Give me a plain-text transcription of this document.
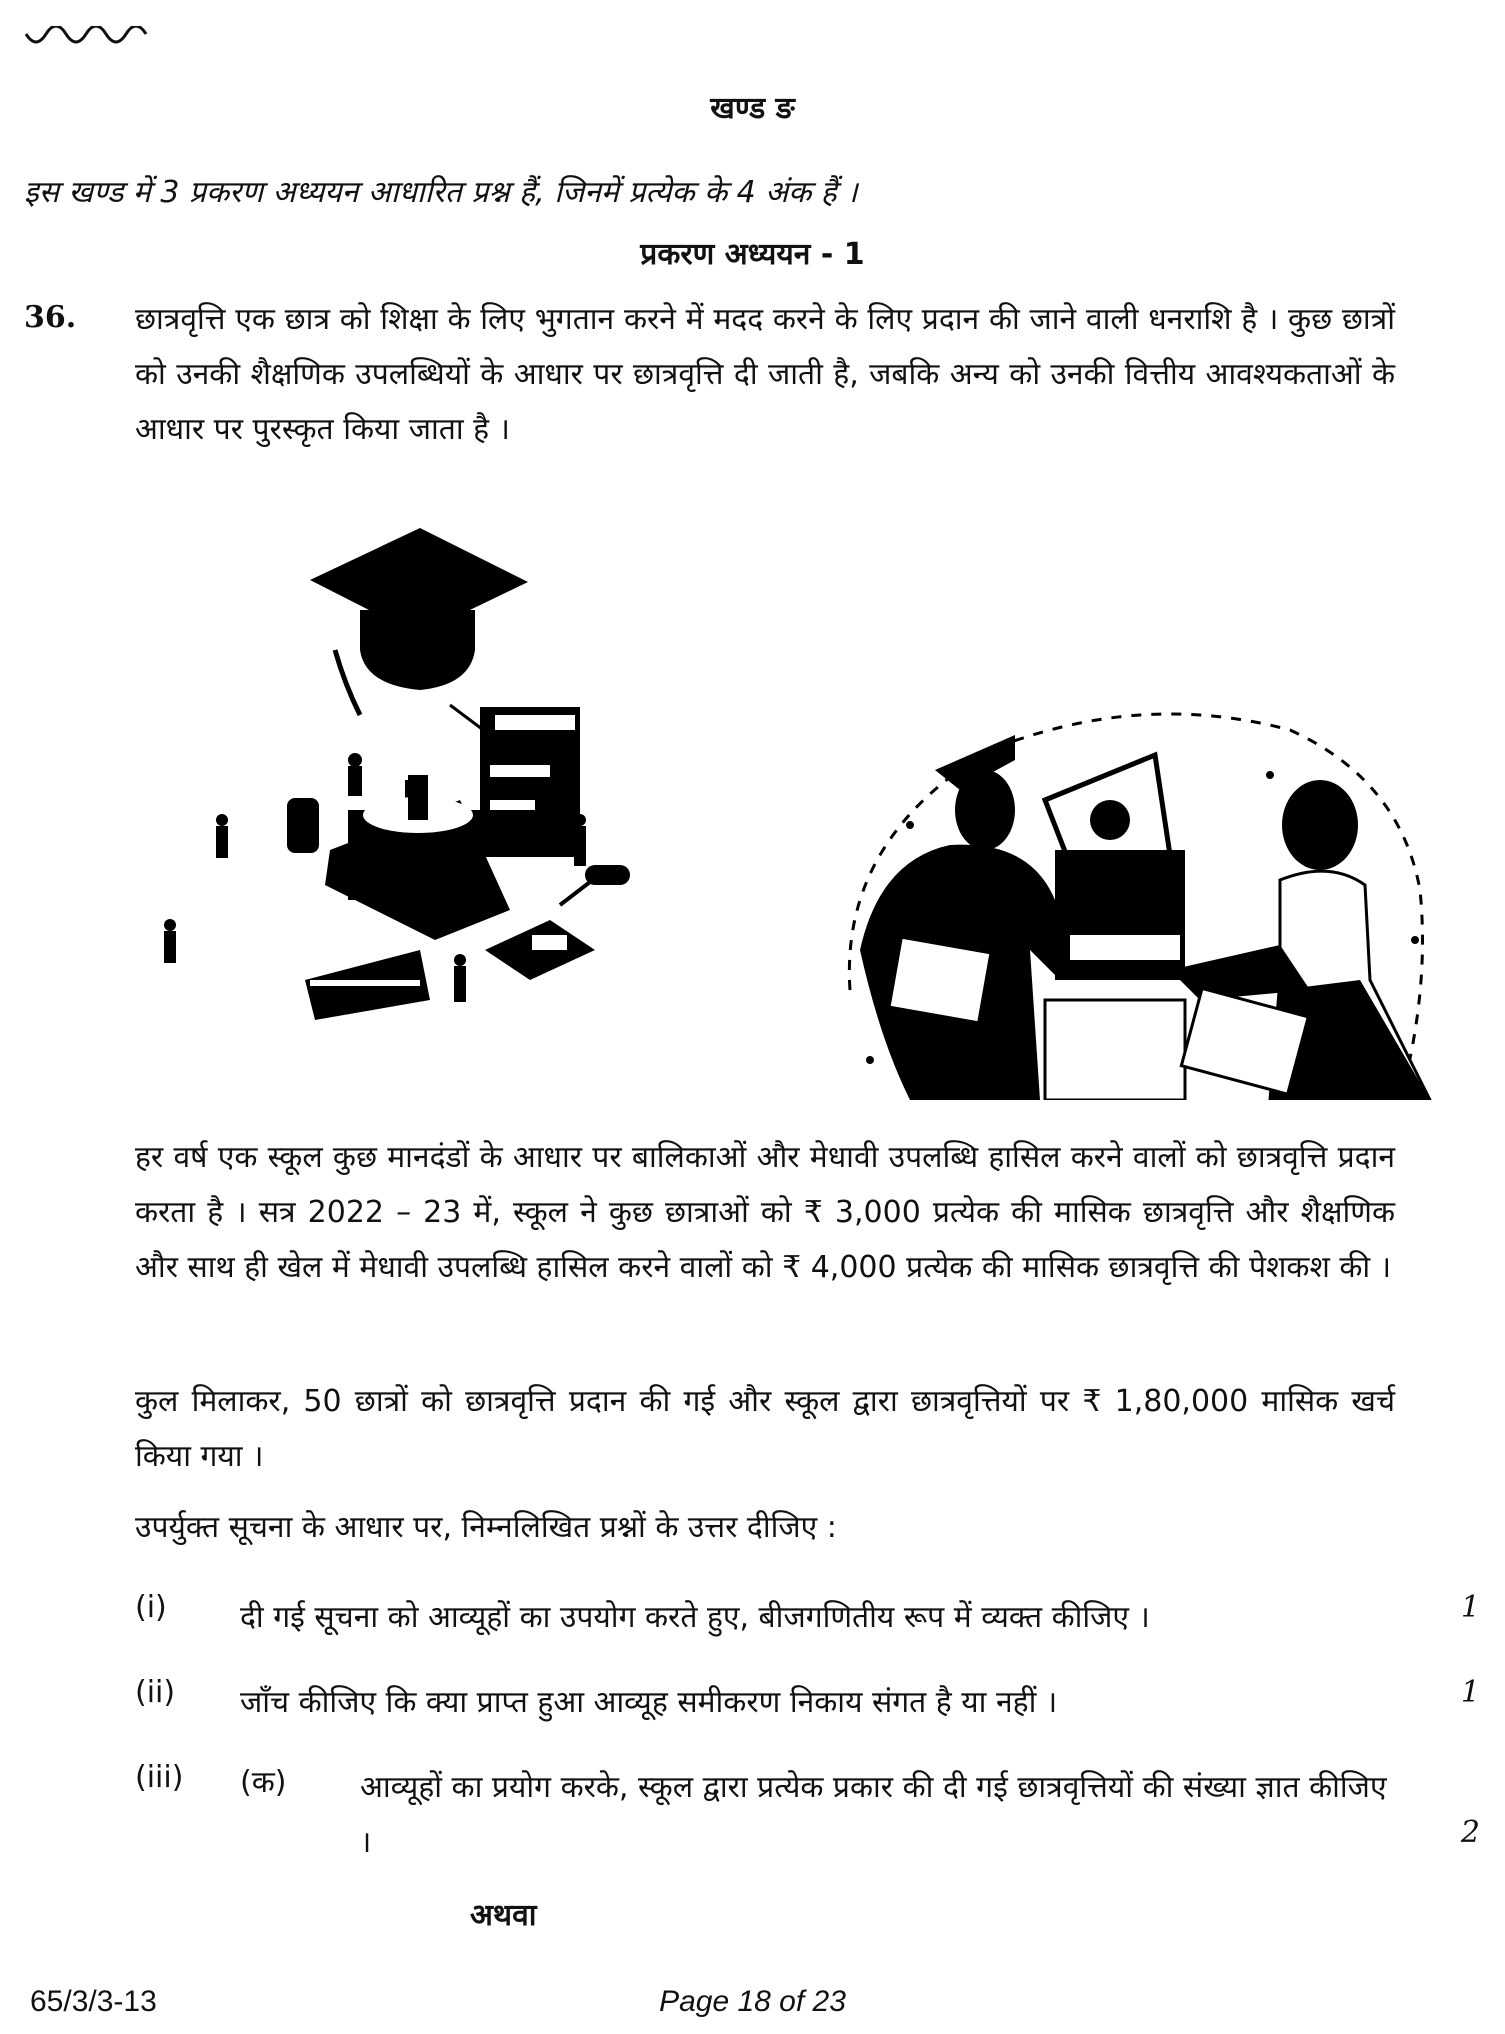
खण्ड ङ
इस खण्ड में 3 प्रकरण अध्ययन आधारित प्रश्न हैं, जिनमें प्रत्येक के 4 अंक हैं ।
प्रकरण अध्ययन - 1
36. छात्रवृत्ति एक छात्र को शिक्षा के लिए भुगतान करने में मदद करने के लिए प्रदान की जाने वाली धनराशि है । कुछ छात्रों को उनकी शैक्षणिक उपलब्धियों के आधार पर छात्रवृत्ति दी जाती है, जबकि अन्य को उनकी वित्तीय आवश्यकताओं के आधार पर पुरस्कृत किया जाता है ।
हर वर्ष एक स्कूल कुछ मानदंडों के आधार पर बालिकाओं और मेधावी उपलब्धि हासिल करने वालों को छात्रवृत्ति प्रदान करता है । सत्र 2022 – 23 में, स्कूल ने कुछ छात्राओं को ₹ 3,000 प्रत्येक की मासिक छात्रवृत्ति और शैक्षणिक और साथ ही खेल में मेधावी उपलब्धि हासिल करने वालों को ₹ 4,000 प्रत्येक की मासिक छात्रवृत्ति की पेशकश की ।
कुल मिलाकर, 50 छात्रों को छात्रवृत्ति प्रदान की गई और स्कूल द्वारा छात्रवृत्तियों पर ₹ 1,80,000 मासिक खर्च किया गया ।
उपर्युक्त सूचना के आधार पर, निम्नलिखित प्रश्नों के उत्तर दीजिए :
(i) दी गई सूचना को आव्यूहों का उपयोग करते हुए, बीजगणितीय रूप में व्यक्त कीजिए ।	1
(ii) जाँच कीजिए कि क्या प्राप्त हुआ आव्यूह समीकरण निकाय संगत है या नहीं ।	1
(iii) (क) आव्यूहों का प्रयोग करके, स्कूल द्वारा प्रत्येक प्रकार की दी गई छात्रवृत्तियों की संख्या ज्ञात कीजिए ।	2
अथवा
65/3/3-13	Page 18 of 23
